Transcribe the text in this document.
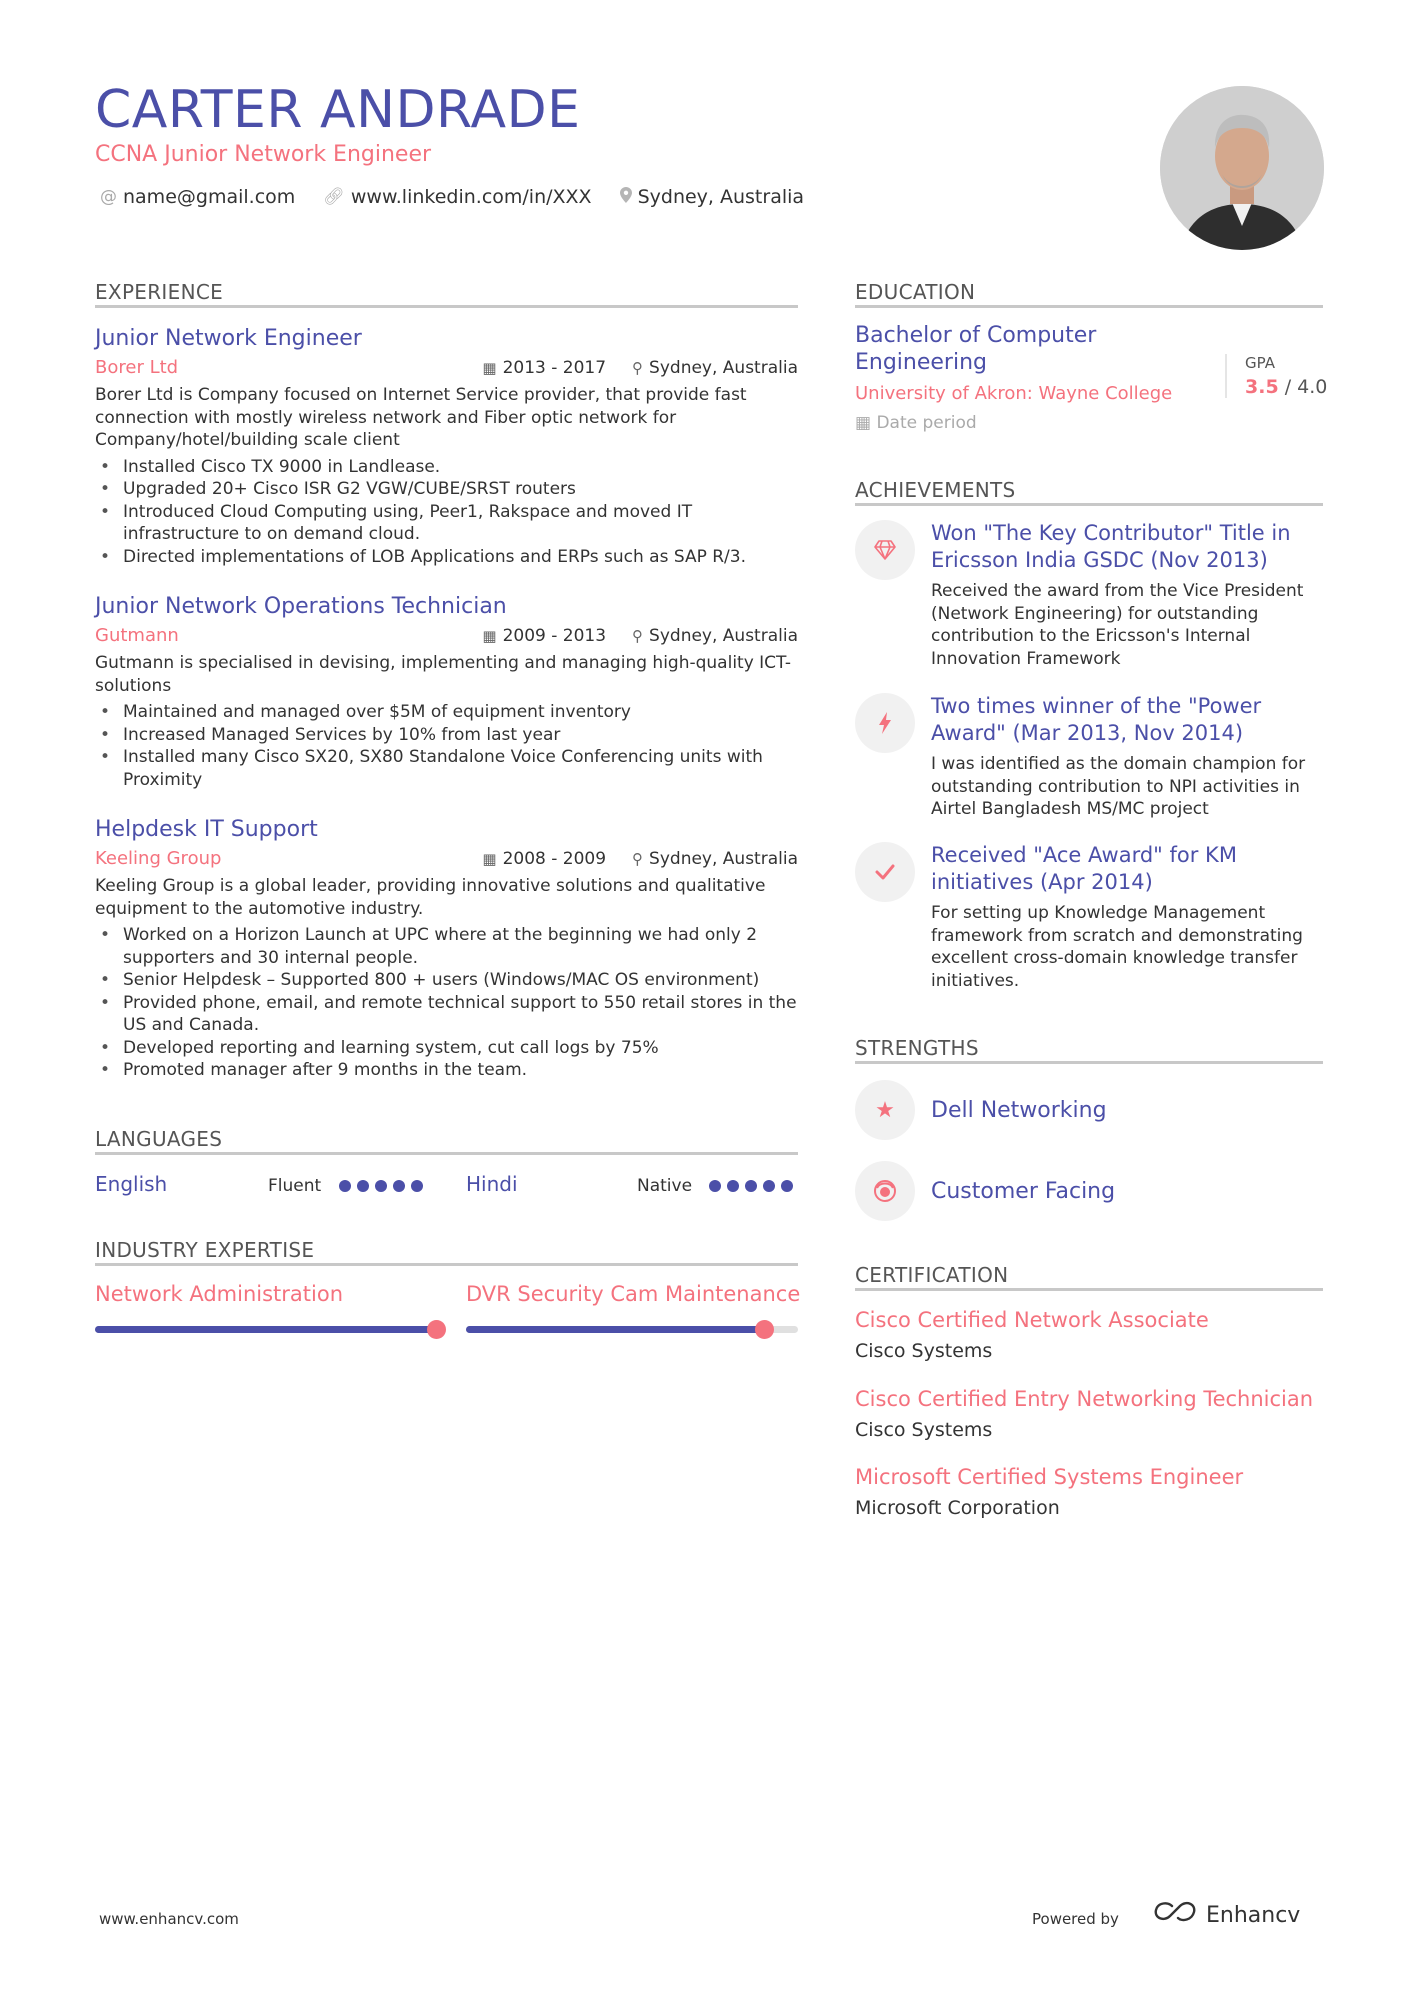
CARTER ANDRADE
CCNA Junior Network Engineer
@ name@gmail.com 🔗︎ www.linkedin.com/in/XXX Sydney, Australia
EXPERIENCE
Junior Network Engineer
Borer Ltd	▦ 2013 - 2017 ⚲ Sydney, Australia
Borer Ltd is Company focused on Internet Service provider, that provide fast connection with mostly wireless network and Fiber optic network for Company/hotel/building scale client
• Installed Cisco TX 9000 in Landlease.
• Upgraded 20+ Cisco ISR G2 VGW/CUBE/SRST routers
• Introduced Cloud Computing using, Peer1, Rakspace and moved IT infrastructure to on demand cloud.
• Directed implementations of LOB Applications and ERPs such as SAP R/3.
Junior Network Operations Technician
Gutmann	▦ 2009 - 2013 ⚲ Sydney, Australia
Gutmann is specialised in devising, implementing and managing high-quality ICT-solutions
• Maintained and managed over $5M of equipment inventory
• Increased Managed Services by 10% from last year
• Installed many Cisco SX20, SX80 Standalone Voice Conferencing units with Proximity
Helpdesk IT Support
Keeling Group	▦ 2008 - 2009 ⚲ Sydney, Australia
Keeling Group is a global leader, providing innovative solutions and qualitative equipment to the automotive industry.
• Worked on a Horizon Launch at UPC where at the beginning we had only 2 supporters and 30 internal people.
• Senior Helpdesk – Supported 800 + users (Windows/MAC OS environment)
• Provided phone, email, and remote technical support to 550 retail stores in the US and Canada.
• Developed reporting and learning system, cut call logs by 75%
• Promoted manager after 9 months in the team.
LANGUAGES
English	Fluent	Hindi	Native
INDUSTRY EXPERTISE
Network Administration	DVR Security Cam Maintenance
EDUCATION
Bachelor of Computer Engineering
University of Akron: Wayne College
▦ Date period
GPA
3.5 / 4.0
ACHIEVEMENTS
Won "The Key Contributor" Title in Ericsson India GSDC (Nov 2013)
Received the award from the Vice President (Network Engineering) for outstanding contribution to the Ericsson's Internal Innovation Framework
Two times winner of the "Power Award" (Mar 2013, Nov 2014)
I was identified as the domain champion for outstanding contribution to NPI activities in Airtel Bangladesh MS/MC project
Received "Ace Award" for KM initiatives (Apr 2014)
For setting up Knowledge Management framework from scratch and demonstrating excellent cross-domain knowledge transfer initiatives.
STRENGTHS
★	Dell Networking
Customer Facing
CERTIFICATION
Cisco Certified Network Associate
Cisco Systems
Cisco Certified Entry Networking Technician
Cisco Systems
Microsoft Certified Systems Engineer
Microsoft Corporation
www.enhancv.com	Powered by	Enhancv
